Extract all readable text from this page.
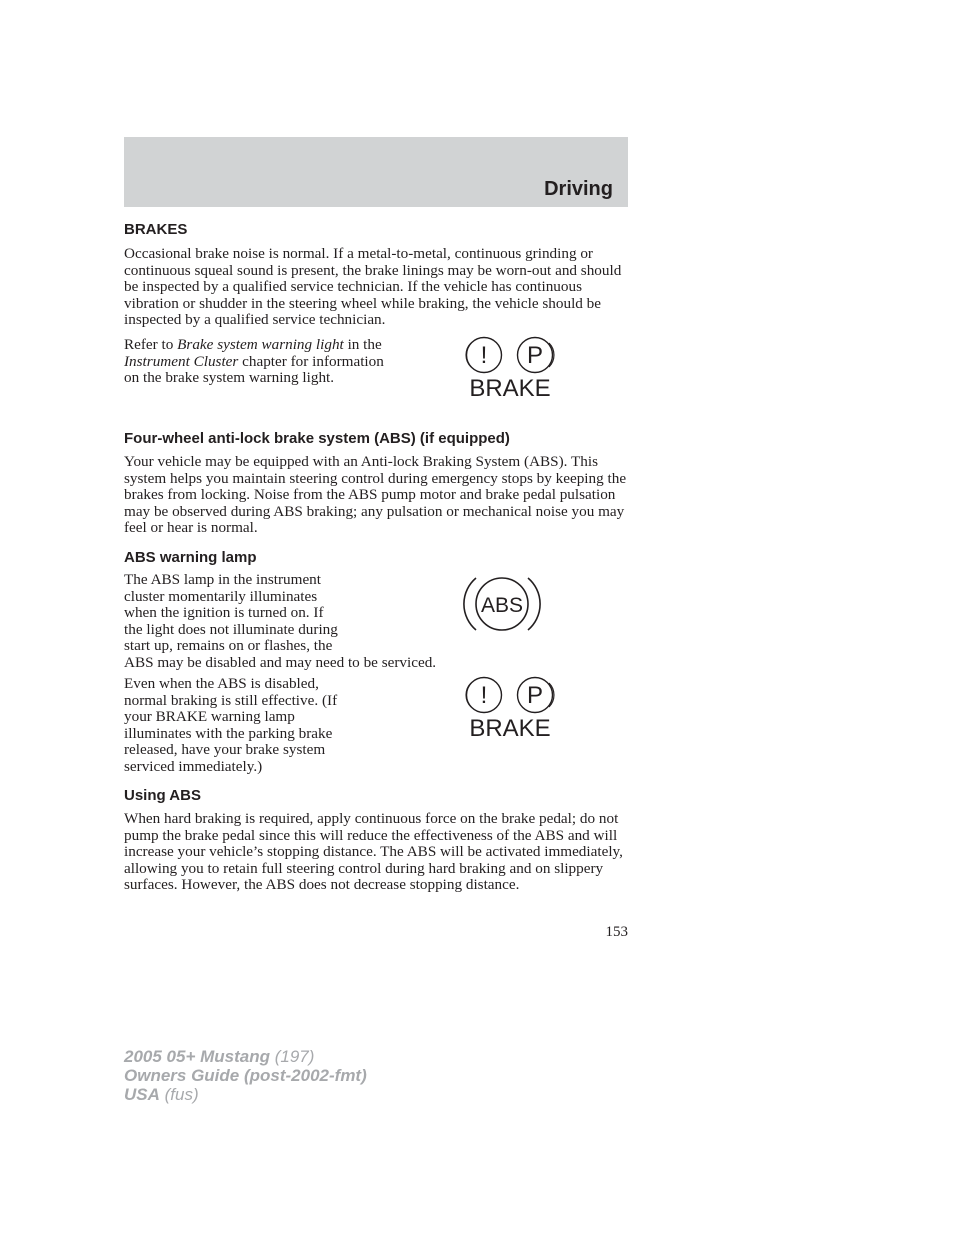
Driving
BRAKES

Occasional brake noise is normal. If a metal-to-metal, continuous grinding or continuous squeal sound is present, the brake linings may be worn-out and should be inspected by a qualified service technician. If the vehicle has continuous vibration or shudder in the steering wheel while braking, the vehicle should be inspected by a qualified service technician.

Refer to Brake system warning light in the Instrument Cluster chapter for information on the brake system warning light.

! P
BRAKE
Four-wheel anti-lock brake system (ABS) (if equipped)

Your vehicle may be equipped with an Anti-lock Braking System (ABS). This system helps you maintain steering control during emergency stops by keeping the brakes from locking. Noise from the ABS pump motor and brake pedal pulsation may be observed during ABS braking; any pulsation or mechanical noise you may feel or hear is normal.

ABS warning lamp

The ABS lamp in the instrument
cluster momentarily illuminates
when the ignition is turned on. If
the light does not illuminate during
start up, remains on or flashes, the
ABS may be disabled and may need to be serviced.

ABS

Even when the ABS is disabled,
normal braking is still effective. (If
your BRAKE warning lamp
illuminates with the parking brake
released, have your brake system
serviced immediately.)

! P
BRAKE
Using ABS

When hard braking is required, apply continuous force on the brake pedal; do not pump the brake pedal since this will reduce the effectiveness of the ABS and will increase your vehicle’s stopping distance. The ABS will be activated immediately, allowing you to retain full steering control during hard braking and on slippery surfaces. However, the ABS does not decrease stopping distance.

153
2005 05+ Mustang (197)
Owners Guide (post-2002-fmt)
USA (fus)
